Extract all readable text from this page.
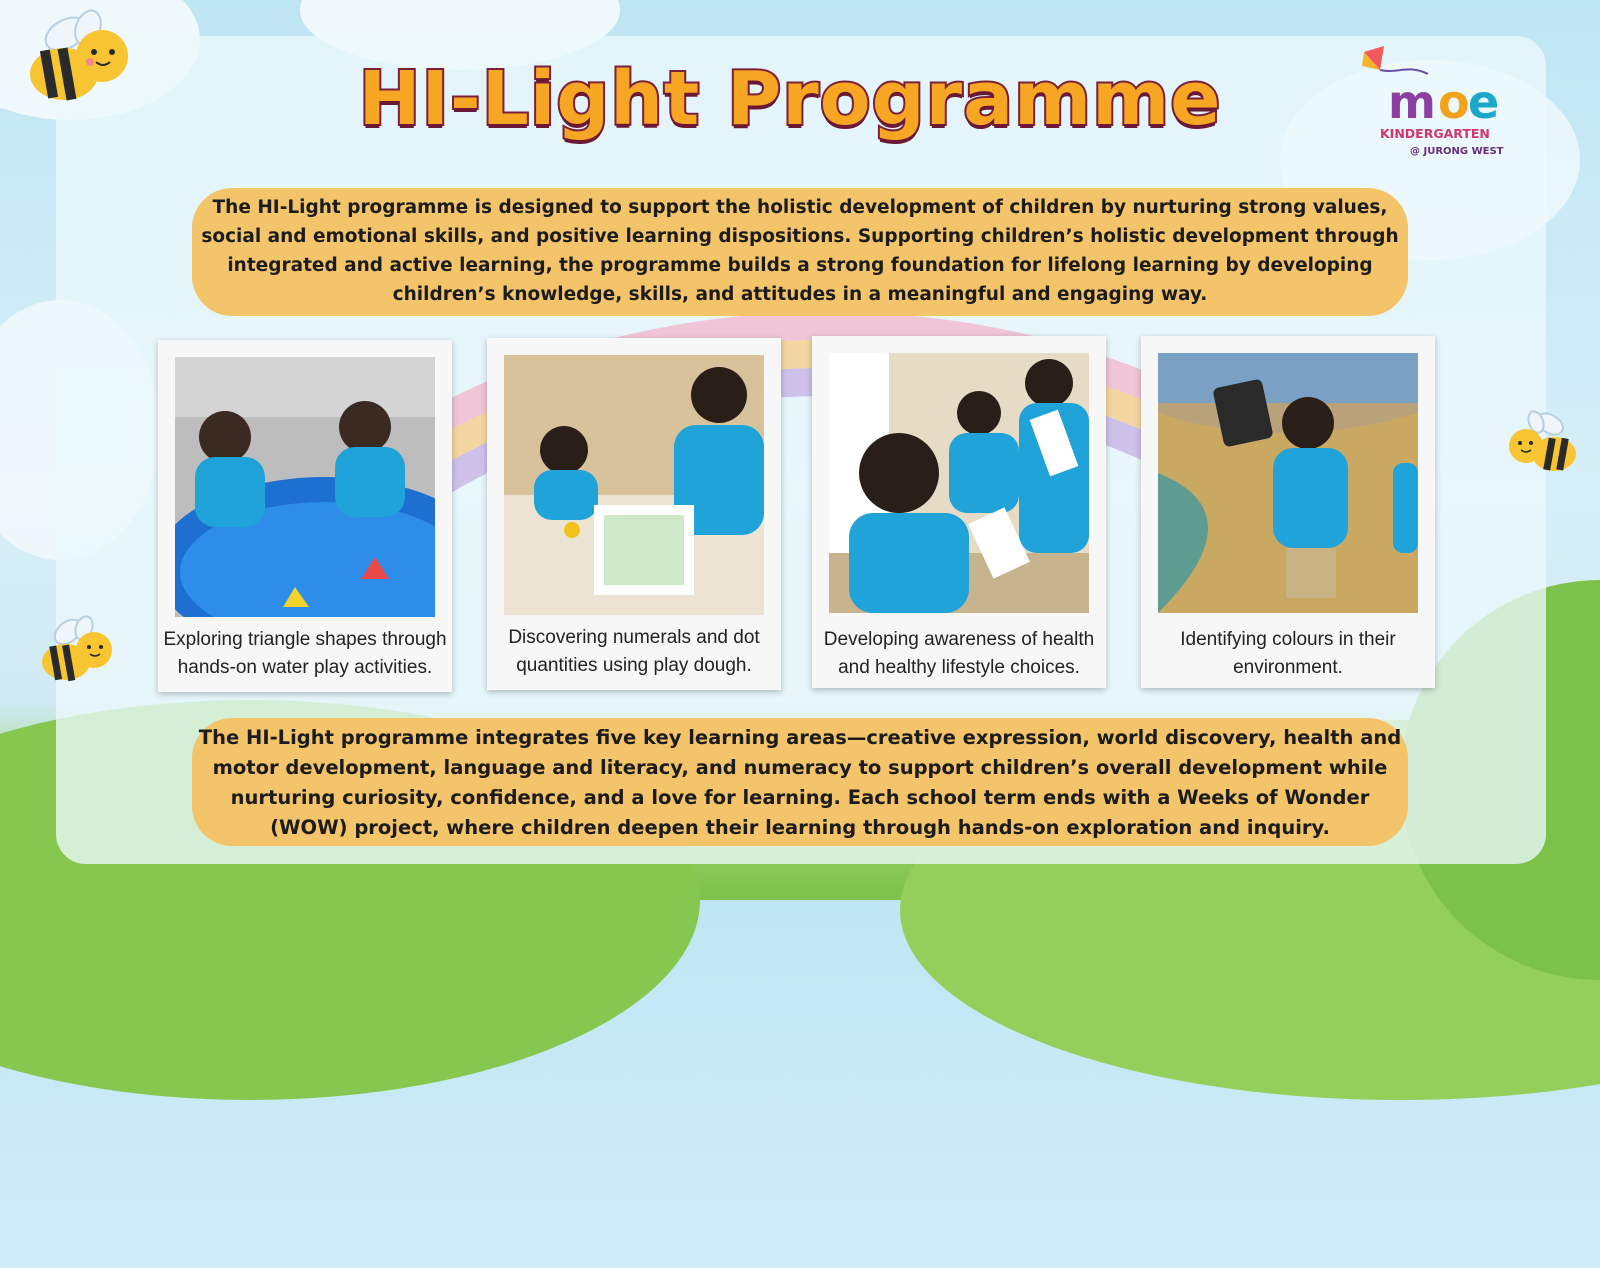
HI-Light Programme	m o
e
KINDERGARTEN
@ JURONG WEST
The HI-Light programme is designed to support the holistic development of children by nurturing strong values, social and emotional skills, and positive learning dispositions. Supporting children’s holistic development through integrated and active learning, the programme builds a strong foundation for lifelong learning by developing children’s knowledge, skills, and attitudes in a meaningful and engaging way.
Exploring triangle shapes through hands-on water play activities.
Discovering numerals and dot quantities using play dough.
Developing awareness of health and healthy lifestyle choices.
Identifying colours in their environment.
The HI-Light programme integrates five key learning areas—creative expression, world discovery, health and motor development, language and literacy, and numeracy to support children’s overall development while nurturing curiosity, confidence, and a love for learning. Each school term ends with a Weeks of Wonder (WOW) project, where children deepen their learning through hands-on exploration and inquiry.
